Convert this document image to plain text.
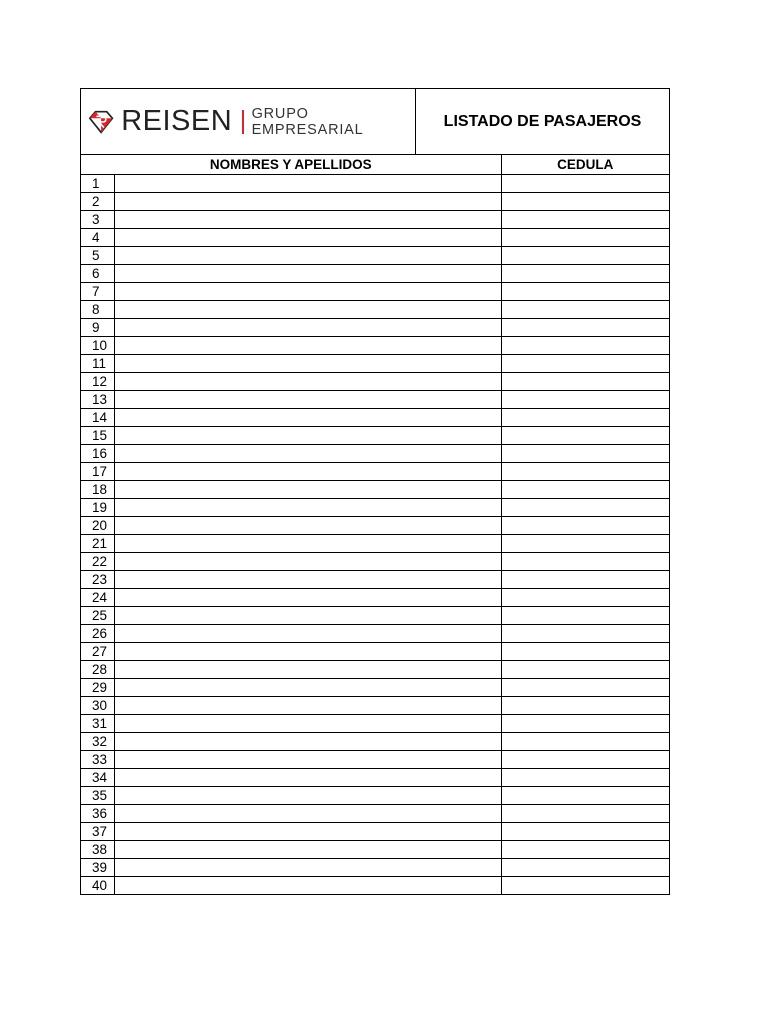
REISEN GRUPO EMPRESARIAL	LISTADO DE PASAJEROS
NOMBRES Y APELLIDOS		CEDULA
1		
2		
3		
4		
5		
6		
7		
8		
9		
10		
11		
12		
13		
14		
15		
16		
17		
18		
19		
20		
21		
22		
23		
24		
25		
26		
27		
28		
29		
30		
31		
32		
33		
34		
35		
36		
37		
38		
39		
40		
